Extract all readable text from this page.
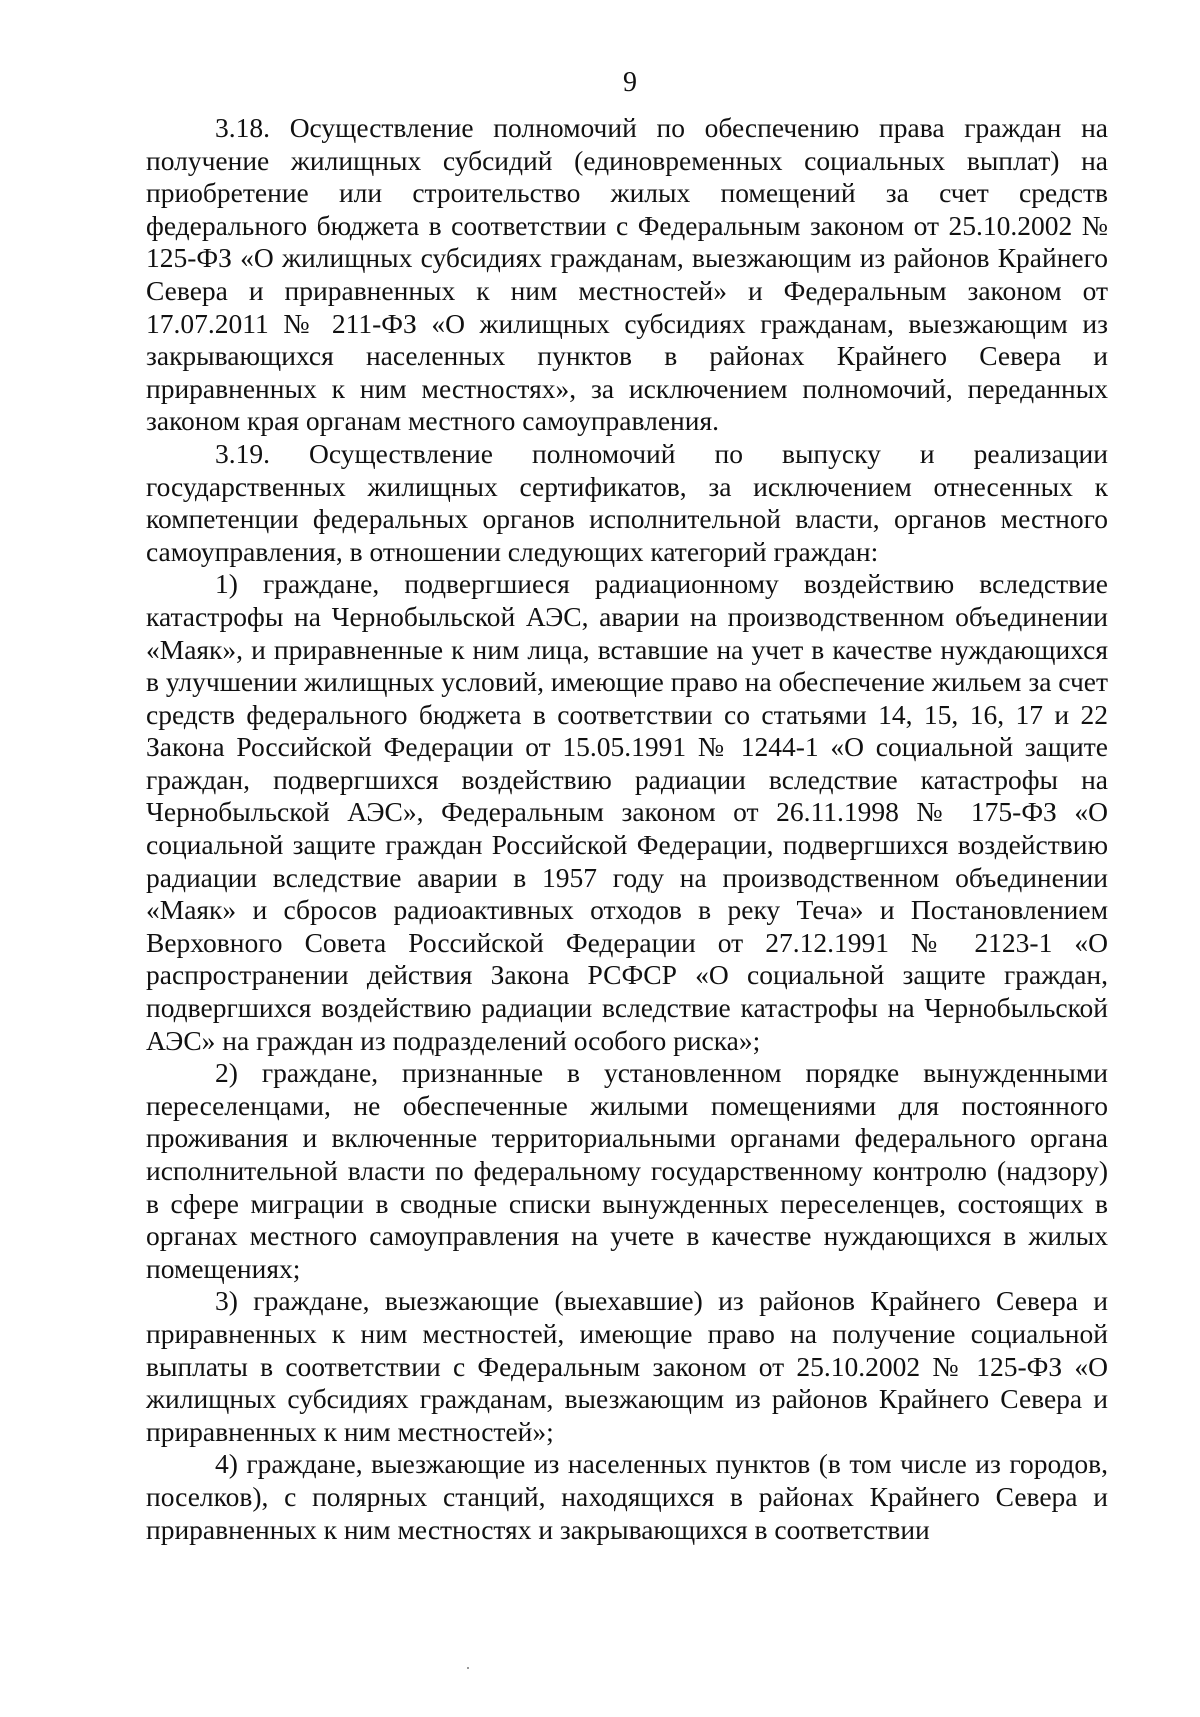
9

3.18. Осуществление полномочий по обеспечению права граждан на получение жилищных субсидий (единовременных социальных выплат) на приобретение или строительство жилых помещений за счет средств федерального бюджета в соответствии с Федеральным законом от 25.10.2002 № 125-ФЗ «О жилищных субсидиях гражданам, выезжающим из районов Крайнего Севера и приравненных к ним местностей» и Федеральным законом от 17.07.2011 № 211-ФЗ «О жилищных субсидиях гражданам, выезжающим из закрывающихся населенных пунктов в районах Крайнего Севера и приравненных к ним местностях», за исключением полномочий, переданных законом края органам местного самоуправления.

3.19. Осуществление полномочий по выпуску и реализации государственных жилищных сертификатов, за исключением отнесенных к компетенции федеральных органов исполнительной власти, органов местного самоуправления, в отношении следующих категорий граждан:

1) граждане, подвергшиеся радиационному воздействию вследствие катастрофы на Чернобыльской АЭС, аварии на производственном объединении «Маяк», и приравненные к ним лица, вставшие на учет в качестве нуждающихся в улучшении жилищных условий, имеющие право на обеспечение жильем за счет средств федерального бюджета в соответствии со статьями 14, 15, 16, 17 и 22 Закона Российской Федерации от 15.05.1991 № 1244-1 «О социальной защите граждан, подвергшихся воздействию радиации вследствие катастрофы на Чернобыльской АЭС», Федеральным законом от 26.11.1998 № 175-ФЗ «О социальной защите граждан Российской Федерации, подвергшихся воздействию радиации вследствие аварии в 1957 году на производственном объединении «Маяк» и сбросов радиоактивных отходов в реку Теча» и Постановлением Верховного Совета Российской Федерации от 27.12.1991 № 2123-1 «О распространении действия Закона РСФСР «О социальной защите граждан, подвергшихся воздействию радиации вследствие катастрофы на Чернобыльской АЭС» на граждан из подразделений особого риска»;

2) граждане, признанные в установленном порядке вынужденными переселенцами, не обеспеченные жилыми помещениями для постоянного проживания и включенные территориальными органами федерального органа исполнительной власти по федеральному государственному контролю (надзору) в сфере миграции в сводные списки вынужденных переселенцев, состоящих в органах местного самоуправления на учете в качестве нуждающихся в жилых помещениях;

3) граждане, выезжающие (выехавшие) из районов Крайнего Севера и приравненных к ним местностей, имеющие право на получение социальной выплаты в соответствии с Федеральным законом от 25.10.2002 № 125-ФЗ «О жилищных субсидиях гражданам, выезжающим из районов Крайнего Севера и приравненных к ним местностей»;

4) граждане, выезжающие из населенных пунктов (в том числе из городов, поселков), с полярных станций, находящихся в районах Крайнего Севера и приравненных к ним местностях и закрывающихся в соответствии
